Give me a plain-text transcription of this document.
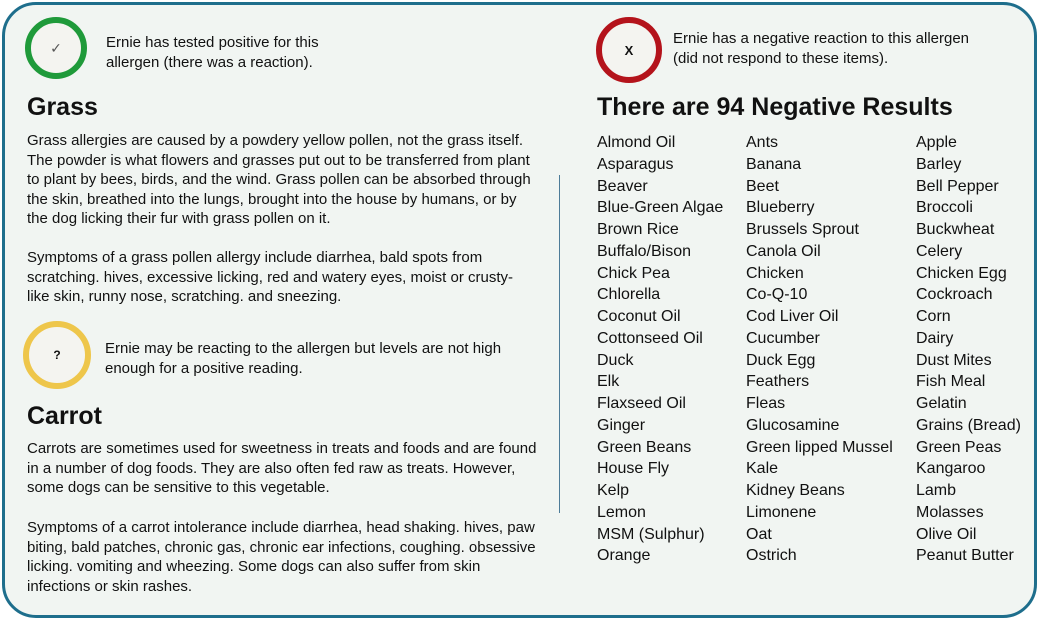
✓	Ernie has tested positive for this allergen (there was a reaction).
Grass

Grass allergies are caused by a powdery yellow pollen, not the grass itself. The powder is what flowers and grasses put out to be transferred from plant to plant by bees, birds, and the wind. Grass pollen can be absorbed through the skin, breathed into the lungs, brought into the house by humans, or by the dog licking their fur with grass pollen on it.

Symptoms of a grass pollen allergy include diarrhea, bald spots from scratching. hives, excessive licking, red and watery eyes, moist or crusty-like skin, runny nose, scratching. and sneezing.

?	Ernie may be reacting to the allergen but levels are not high enough for a positive reading.
Carrot

Carrots are sometimes used for sweetness in treats and foods and are found in a number of dog foods. They are also often fed raw as treats. However, some dogs can be sensitive to this vegetable.

Symptoms of a carrot intolerance include diarrhea, head shaking. hives, paw biting, bald patches, chronic gas, chronic ear infections, coughing. obsessive licking. vomiting and wheezing. Some dogs can also suffer from skin infections or skin rashes.

X
Ernie has a negative reaction to this allergen (did not respond to these items).
There are 94 Negative Results
Almond Oil
Asparagus
Beaver
Blue-Green Algae
Brown Rice
Buffalo/Bison
Chick Pea
Chlorella
Coconut Oil
Cottonseed Oil
Duck
Elk
Flaxseed Oil
Ginger
Green Beans
House Fly
Kelp
Lemon
MSM (Sulphur)
Orange
Ants
Banana
Beet
Blueberry
Brussels Sprout
Canola Oil
Chicken
Co-Q-10
Cod Liver Oil
Cucumber
Duck Egg
Feathers
Fleas
Glucosamine
Green lipped Mussel
Kale
Kidney Beans
Limonene
Oat
Ostrich
Apple
Barley
Bell Pepper
Broccoli
Buckwheat
Celery
Chicken Egg
Cockroach
Corn
Dairy
Dust Mites
Fish Meal
Gelatin
Grains (Bread)
Green Peas
Kangaroo
Lamb
Molasses
Olive Oil
Peanut Butter
